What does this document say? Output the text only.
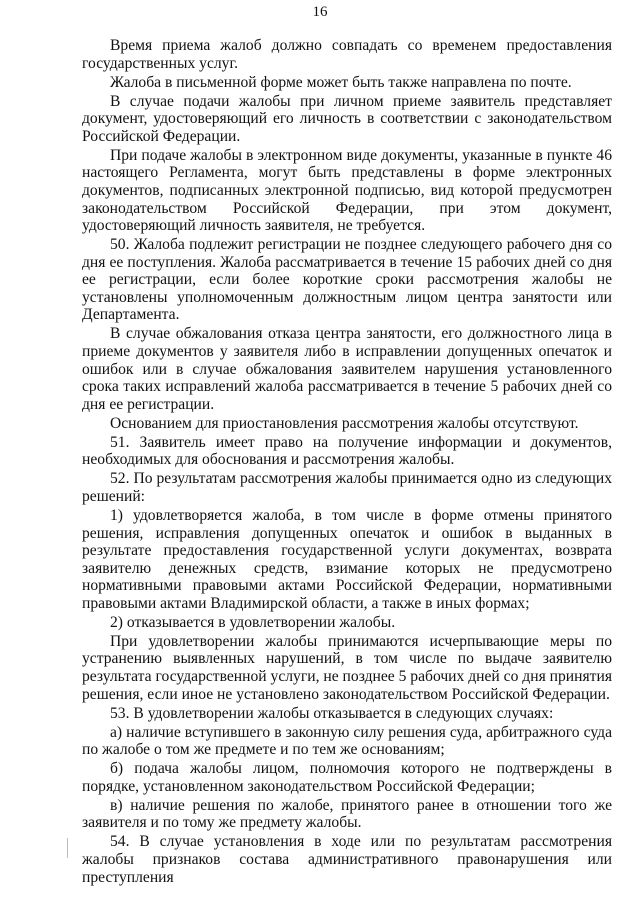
16

Время приема жалоб должно совпадать со временем предоставления государственных услуг.

Жалоба в письменной форме может быть также направлена по почте.

В случае подачи жалобы при личном приеме заявитель представляет документ, удостоверяющий его личность в соответствии с законодательством Российской Федерации.

При подаче жалобы в электронном виде документы, указанные в пункте 46 настоящего Регламента, могут быть представлены в форме электронных документов, подписанных электронной подписью, вид которой предусмотрен законодательством Российской Федерации, при этом документ, удостоверяющий личность заявителя, не требуется.

50. Жалоба подлежит регистрации не позднее следующего рабочего дня со дня ее поступления. Жалоба рассматривается в течение 15 рабочих дней со дня ее регистрации, если более короткие сроки рассмотрения жалобы не установлены уполномоченным должностным лицом центра занятости или Департамента.

В случае обжалования отказа центра занятости, его должностного лица в приеме документов у заявителя либо в исправлении допущенных опечаток и ошибок или в случае обжалования заявителем нарушения установленного срока таких исправлений жалоба рассматривается в течение 5 рабочих дней со дня ее регистрации.

Основанием для приостановления рассмотрения жалобы отсутствуют.

51. Заявитель имеет право на получение информации и документов, необходимых для обоснования и рассмотрения жалобы.

52. По результатам рассмотрения жалобы принимается одно из следующих решений:

1) удовлетворяется жалоба, в том числе в форме отмены принятого решения, исправления допущенных опечаток и ошибок в выданных в результате предоставления государственной услуги документах, возврата заявителю денежных средств, взимание которых не предусмотрено нормативными правовыми актами Российской Федерации, нормативными правовыми актами Владимирской области, а также в иных формах;

2) отказывается в удовлетворении жалобы.

При удовлетворении жалобы принимаются исчерпывающие меры по устранению выявленных нарушений, в том числе по выдаче заявителю результата государственной услуги, не позднее 5 рабочих дней со дня принятия решения, если иное не установлено законодательством Российской Федерации.

53. В удовлетворении жалобы отказывается в следующих случаях:

а) наличие вступившего в законную силу решения суда, арбитражного суда по жалобе о том же предмете и по тем же основаниям;

б) подача жалобы лицом, полномочия которого не подтверждены в порядке, установленном законодательством Российской Федерации;

в) наличие решения по жалобе, принятого ранее в отношении того же заявителя и по тому же предмету жалобы.

54. В случае установления в ходе или по результатам рассмотрения жалобы признаков состава административного правонарушения или преступления
